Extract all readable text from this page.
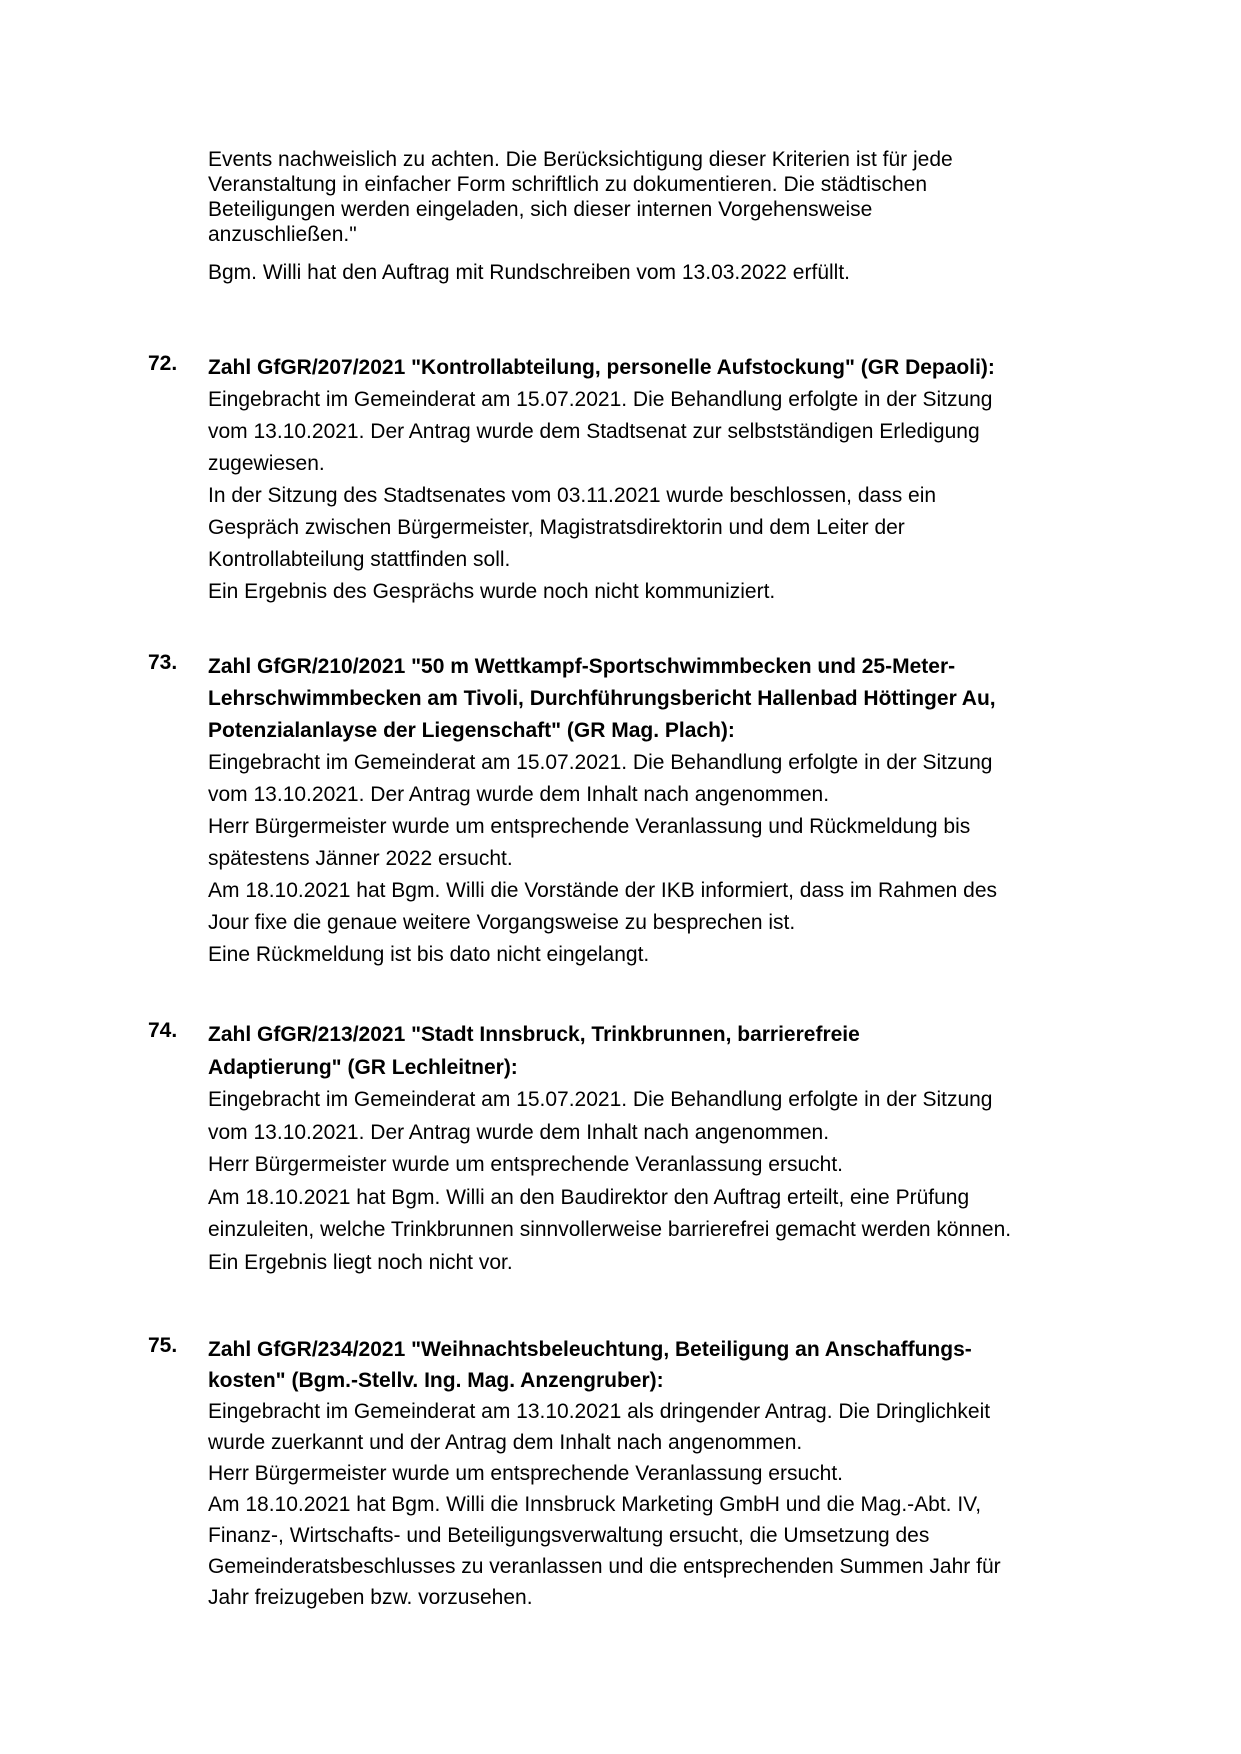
Events nachweislich zu achten. Die Berücksichtigung dieser Kriterien ist für jede

Veranstaltung in einfacher Form schriftlich zu dokumentieren. Die städtischen

Beteiligungen werden eingeladen, sich dieser internen Vorgehensweise

anzuschließen."

Bgm. Willi hat den Auftrag mit Rundschreiben vom 13.03.2022 erfüllt.

72. Zahl GfGR/207/2021 "Kontrollabteilung, personelle Aufstockung" (GR Depaoli):

Eingebracht im Gemeinderat am 15.07.2021. Die Behandlung erfolgte in der Sitzung

vom 13.10.2021. Der Antrag wurde dem Stadtsenat zur selbstständigen Erledigung

zugewiesen.

In der Sitzung des Stadtsenates vom 03.11.2021 wurde beschlossen, dass ein

Gespräch zwischen Bürgermeister, Magistratsdirektorin und dem Leiter der

Kontrollabteilung stattfinden soll.

Ein Ergebnis des Gesprächs wurde noch nicht kommuniziert.

73. Zahl GfGR/210/2021 "50 m Wettkampf-Sportschwimmbecken und 25-Meter-

Lehrschwimmbecken am Tivoli, Durchführungsbericht Hallenbad Höttinger Au,

Potenzialanlayse der Liegenschaft" (GR Mag. Plach):

Eingebracht im Gemeinderat am 15.07.2021. Die Behandlung erfolgte in der Sitzung

vom 13.10.2021. Der Antrag wurde dem Inhalt nach angenommen.

Herr Bürgermeister wurde um entsprechende Veranlassung und Rückmeldung bis

spätestens Jänner 2022 ersucht.

Am 18.10.2021 hat Bgm. Willi die Vorstände der IKB informiert, dass im Rahmen des

Jour fixe die genaue weitere Vorgangsweise zu besprechen ist.

Eine Rückmeldung ist bis dato nicht eingelangt.

74. Zahl GfGR/213/2021 "Stadt Innsbruck, Trinkbrunnen, barrierefreie

Adaptierung" (GR Lechleitner):

Eingebracht im Gemeinderat am 15.07.2021. Die Behandlung erfolgte in der Sitzung

vom 13.10.2021. Der Antrag wurde dem Inhalt nach angenommen.

Herr Bürgermeister wurde um entsprechende Veranlassung ersucht.

Am 18.10.2021 hat Bgm. Willi an den Baudirektor den Auftrag erteilt, eine Prüfung

einzuleiten, welche Trinkbrunnen sinnvollerweise barrierefrei gemacht werden können.

Ein Ergebnis liegt noch nicht vor.

75. Zahl GfGR/234/2021 "Weihnachtsbeleuchtung, Beteiligung an Anschaffungs-

kosten" (Bgm.-Stellv. Ing. Mag. Anzengruber):

Eingebracht im Gemeinderat am 13.10.2021 als dringender Antrag. Die Dringlichkeit

wurde zuerkannt und der Antrag dem Inhalt nach angenommen.

Herr Bürgermeister wurde um entsprechende Veranlassung ersucht.

Am 18.10.2021 hat Bgm. Willi die Innsbruck Marketing GmbH und die Mag.-Abt. IV,

Finanz-, Wirtschafts- und Beteiligungsverwaltung ersucht, die Umsetzung des

Gemeinderatsbeschlusses zu veranlassen und die entsprechenden Summen Jahr für

Jahr freizugeben bzw. vorzusehen.
